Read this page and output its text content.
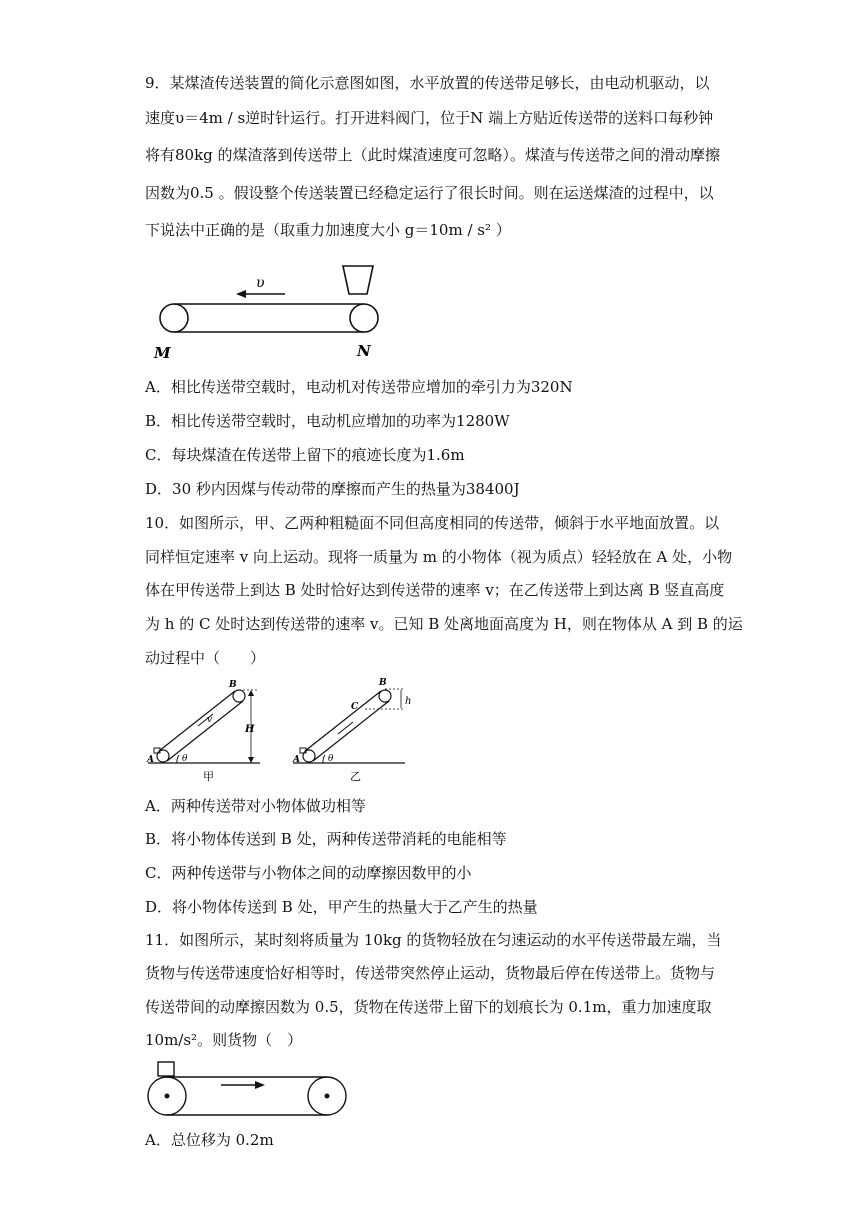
9．某煤渣传送装置的简化示意图如图，水平放置的传送带足够长，由电动机驱动，以
速度υ＝4m / s逆时针运行。打开进料阀门，位于N 端上方贴近传送带的送料口每秒钟
将有80kg 的煤渣落到传送带上（此时煤渣速度可忽略）。煤渣与传送带之间的滑动摩擦
因数为0.5 。假设整个传送装置已经稳定运行了很长时间。则在运送煤渣的过程中，以
下说法中正确的是（取重力加速度大小 g＝10m / s² ）
υ
M	N
A．相比传送带空载时，电动机对传送带应增加的牵引力为320N
B．相比传送带空载时，电动机应增加的功率为1280W
C．每块煤渣在传送带上留下的痕迹长度为1.6m
D．30 秒内因煤与传动带的摩擦而产生的热量为38400J
10．如图所示，甲、乙两种粗糙面不同但高度相同的传送带，倾斜于水平地面放置。以
同样恒定速率 v 向上运动。现将一质量为 m 的小物体（视为质点）轻轻放在 A 处，小物
体在甲传送带上到达 B 处时恰好达到传送带的速率 v；在乙传送带上到达离 B 竖直高度
为 h 的 C 处时达到传送带的速率 v。已知 B 处离地面高度为 H，则在物体从 A 到 B 的运
动过程中（　　）
v
θ
H
A
B
甲
θ
h
C
A
B
乙
A．两种传送带对小物体做功相等
B．将小物体传送到 B 处，两种传送带消耗的电能相等
C．两种传送带与小物体之间的动摩擦因数甲的小
D．将小物体传送到 B 处，甲产生的热量大于乙产生的热量
11．如图所示，某时刻将质量为 10kg 的货物轻放在匀速运动的水平传送带最左端，当
货物与传送带速度恰好相等时，传送带突然停止运动，货物最后停在传送带上。货物与
传送带间的动摩擦因数为 0.5，货物在传送带上留下的划痕长为 0.1m，重力加速度取
10m/s²。则货物（　）
A．总位移为 0.2m
